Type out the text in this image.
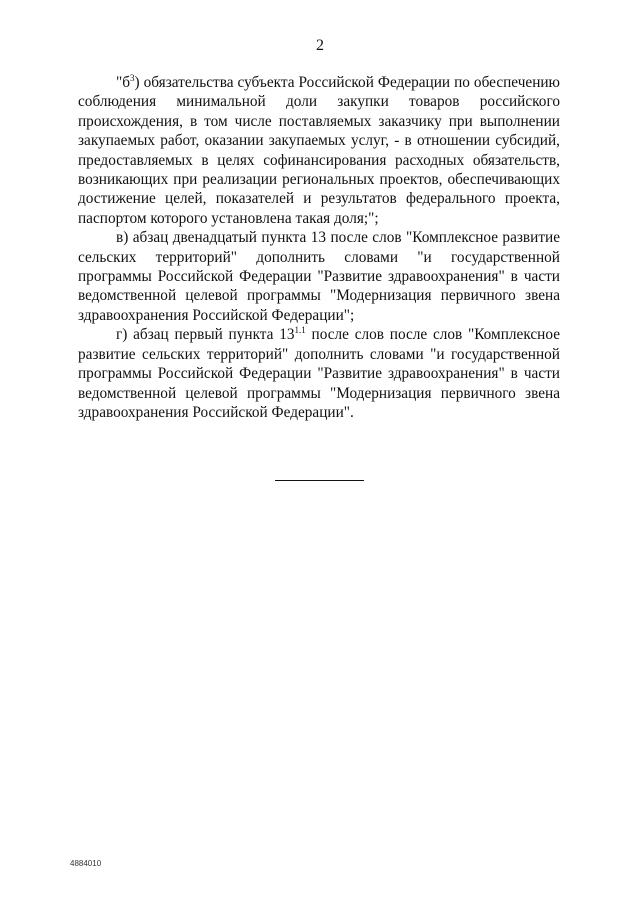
2

"$б^3$) обязательства субъекта Российской Федерации по обеспечению соблюдения минимальной доли закупки товаров российского происхождения, в том числе поставляемых заказчику при выполнении закупаемых работ, оказании закупаемых услуг, - в отношении субсидий, предоставляемых в целях софинансирования расходных обязательств, возникающих при реализации региональных проектов, обеспечивающих достижение целей, показателей и результатов федерального проекта, паспортом которого установлена такая доля;";

в) абзац двенадцатый пункта 13 после слов "Комплексное развитие сельских территорий" дополнить словами "и государственной программы Российской Федерации "Развитие здравоохранения" в части ведомственной целевой программы "Модернизация первичного звена здравоохранения Российской Федерации";

г) абзац первый пункта $13^{1.1}$ после слов после слов "Комплексное развитие сельских территорий" дополнить словами "и государственной программы Российской Федерации "Развитие здравоохранения" в части ведомственной целевой программы "Модернизация первичного звена здравоохранения Российской Федерации".

4884010
